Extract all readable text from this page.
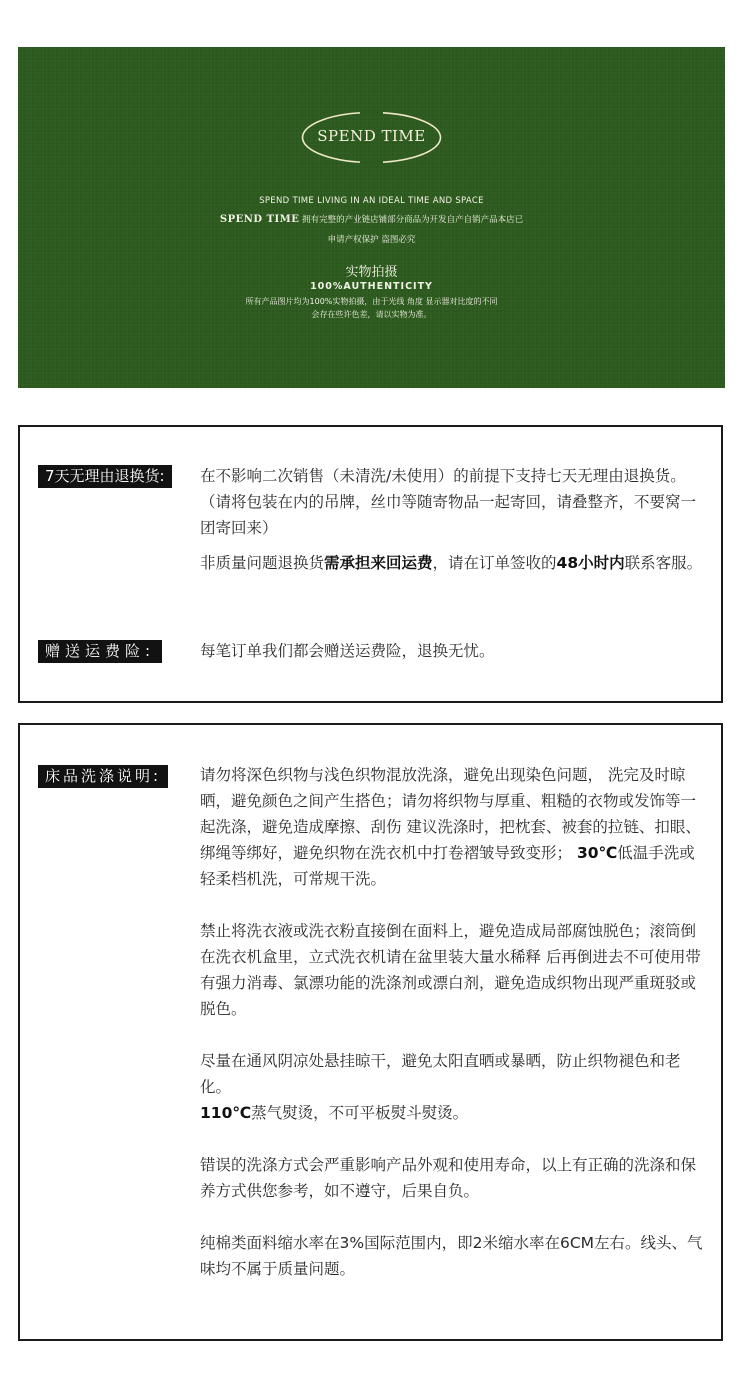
SPEND TIME
SPEND TIME LIVING IN AN IDEAL TIME AND SPACE
SPEND TIME 拥有完整的产业链店铺部分商品为开发自产自销产品本店已
申请产权保护 盗图必究
实物拍摄
100%AUTHENTICITY
所有产品图片均为100%实物拍摄，由于光线 角度 显示器对比度的不同
会存在些许色差，请以实物为准。
7天无理由退换货:	在不影响二次销售（未清洗/未使用）的前提下支持七天无理由退换货。（请将包装在内的吊牌，丝巾等随寄物品一起寄回，请叠整齐，不要窝一团寄回来）

非质量问题退换货需承担来回运费，请在订单签收的48小时内联系客服。

赠送运费险:	每笔订单我们都会赠送运费险，退换无忧。
床品洗涤说明:	请勿将深色织物与浅色织物混放洗涤，避免出现染色问题， 洗完及时晾晒，避免颜色之间产生搭色；请勿将织物与厚重、粗糙的衣物或发饰等一起洗涤，避免造成摩擦、刮伤 建议洗涤时，把枕套、被套的拉链、扣眼、 绑绳等绑好，避免织物在洗衣机中打卷褶皱导致变形； 30℃低温手洗或轻柔档机洗，可常规干洗。

禁止将洗衣液或洗衣粉直接倒在面料上，避免造成局部腐蚀脱色；滚筒倒在洗衣机盒里，立式洗衣机请在盆里装大量水稀释 后再倒进去不可使用带有强力消毒、氯漂功能的洗涤剂或漂白剂，避免造成织物出现严重斑驳或脱色。

尽量在通风阴凉处悬挂晾干，避免太阳直晒或暴晒，防止织物褪色和老化。

110℃蒸气熨烫，不可平板熨斗熨烫。

错误的洗涤方式会严重影响产品外观和使用寿命，以上有正确的洗涤和保养方式供您参考，如不遵守，后果自负。

纯棉类面料缩水率在3%国际范围内，即2米缩水率在6CM左右。线头、气味均不属于质量问题。
